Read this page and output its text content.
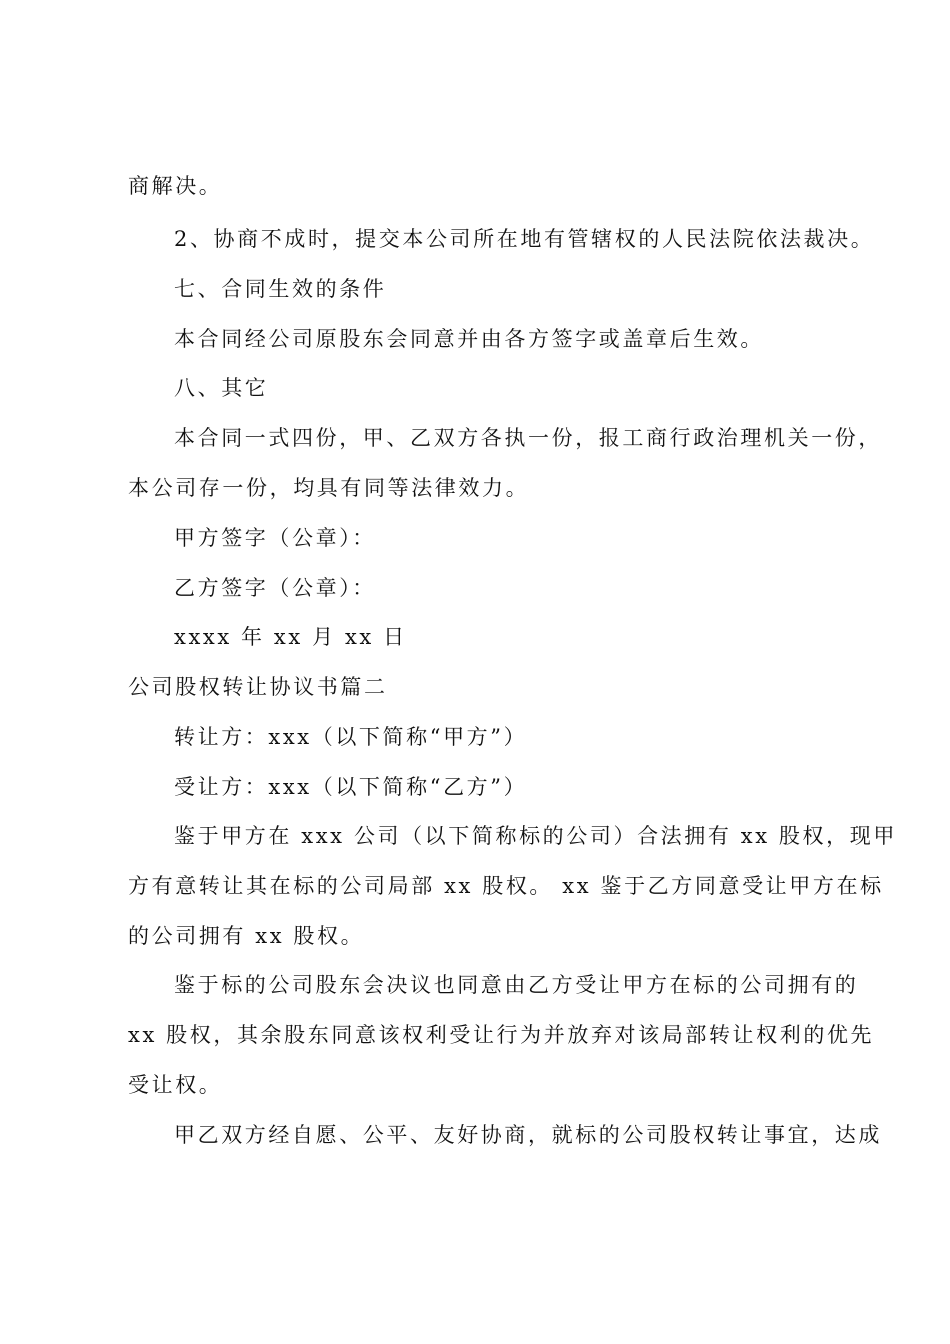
商解决。
2、协商不成时，提交本公司所在地有管辖权的人民法院依法裁决。
七、合同生效的条件
本合同经公司原股东会同意并由各方签字或盖章后生效。
八、其它
本合同一式四份，甲、乙双方各执一份，报工商行政治理机关一份，
本公司存一份，均具有同等法律效力。
甲方签字（公章）：
乙方签字（公章）：
xxxx 年 xx 月 xx 日
公司股权转让协议书篇二
转让方：xxx（以下简称“甲方”）
受让方：xxx（以下简称“乙方”）
鉴于甲方在 xxx 公司（以下简称标的公司）合法拥有 xx 股权，现甲
方有意转让其在标的公司局部 xx 股权。 xx 鉴于乙方同意受让甲方在标
的公司拥有 xx 股权。
鉴于标的公司股东会决议也同意由乙方受让甲方在标的公司拥有的
xx 股权，其余股东同意该权利受让行为并放弃对该局部转让权利的优先
受让权。
甲乙双方经自愿、公平、友好协商，就标的公司股权转让事宜，达成
